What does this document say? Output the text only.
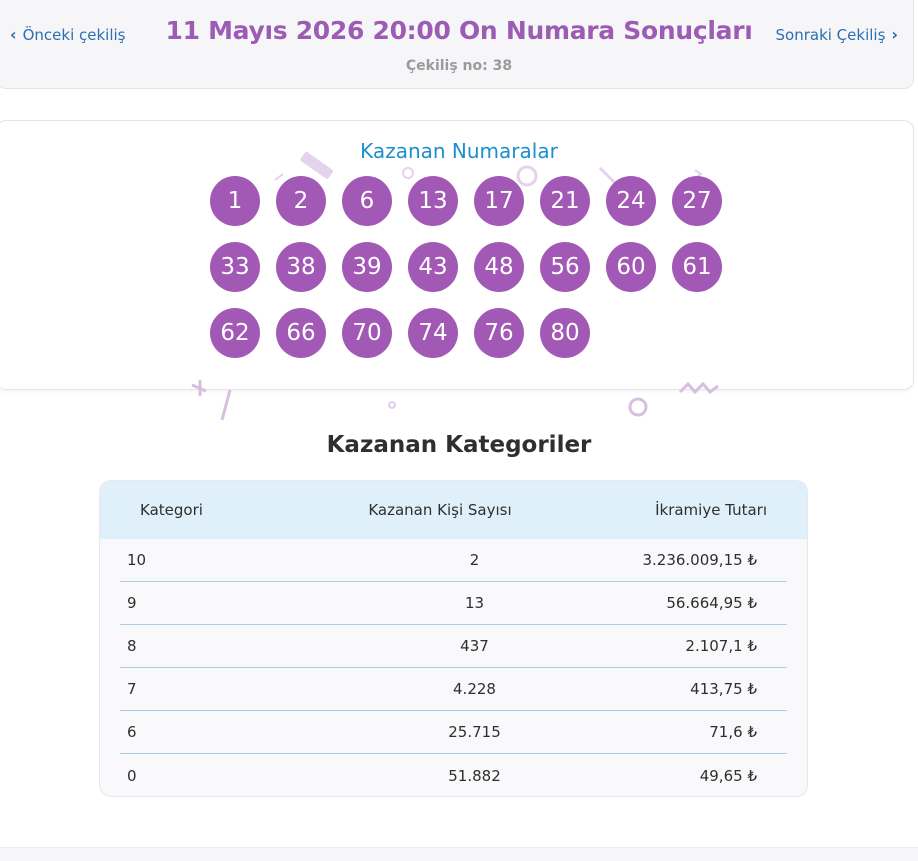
‹ Önceki çekiliş	11 Mayıs 2026 20:00 On Numara Sonuçları	Sonraki Çekiliş ›
Çekiliş no: 38
Kazanan Numaralar
1	2	6	13	17	21	24	27
33	38	39	43	48	56	60	61
62	66	70	74	76	80
Kazanan Kategoriler
Kategori	Kazanan Kişi Sayısı	İkramiye Tutarı
10	2	3.236.009,15 ₺
9	13	56.664,95 ₺
8	437	2.107,1 ₺
7	4.228	413,75 ₺
6	25.715	71,6 ₺
0	51.882	49,65 ₺
